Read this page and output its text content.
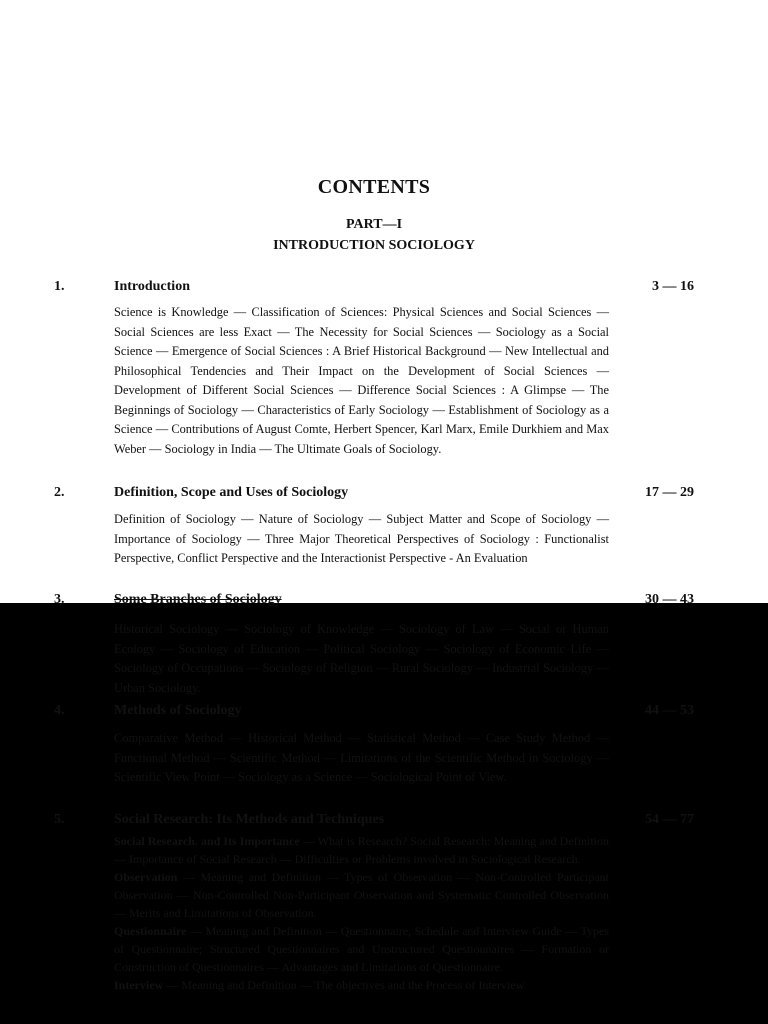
CONTENTS
PART—I
INTRODUCTION SOCIOLOGY
1.	Introduction	3 — 16

Science is Knowledge — Classification of Sciences: Physical Sciences and Social Sciences — Social Sciences are less Exact — The Necessity for Social Sciences — Sociology as a Social Science — Emergence of Social Sciences : A Brief Historical Background — New Intellectual and Philosophical Tendencies and Their Impact on the Development of Social Sciences — Development of Different Social Sciences — Difference Social Sciences : A Glimpse — The Beginnings of Sociology — Characteristics of Early Sociology — Establishment of Sociology as a Science — Contributions of August Comte, Herbert Spencer, Karl Marx, Emile Durkhiem and Max Weber — Sociology in India — The Ultimate Goals of Sociology.

2.	Definition, Scope and Uses of Sociology	17 — 29

Definition of Sociology — Nature of Sociology — Subject Matter and Scope of Sociology — Importance of Sociology — Three Major Theoretical Perspectives of Sociology : Functionalist Perspective, Conflict Perspective and the Interactionist Perspective - An Evaluation

3.	Some Branches of Sociology	30 — 43

Historical Sociology — Sociology of Knowledge — Sociology of Law — Social or Human Ecology — Sociology of Education — Political Sociology — Sociology of Economic Life — Sociology of Occupations — Sociology of Religion — Rural Sociology — Industrial Sociology — Urban Sociology.

4.	Methods of Sociology	44 — 53

Comparative Method — Historical Method — Statistical Method — Case Study Method — Functional Method — Scientific Method — Limitations of the Scientific Method in Sociology — Scientific View Point — Sociology as a Science — Sociological Point of View.

5.	Social Research: Its Methods and Techniques	54 — 77

Social Research. and Its Importance — What is Research? Social Research: Meaning and Definition — Importance of Social Research — Difficulties or Problems involved in Sociological Research.

Observation — Meaning and Definition — Types of Observation — Non-Controlled Participant Observation — Non-Controlled Non-Participant Observation and Systematic Controlled Observation — Merits and Limitations of Observation.

Questionnaire — Meaning and Definition — Questionnaire, Schedule and Interview Guide — Types of Questionnaire; Structured Questionnaires and Unstructured Questionnaires — Formation or Construction of Questionnaires — Advantages and Limitations of Questionnaire.

Interview — Meaning and Definition — The objectives and the Process of Interview
